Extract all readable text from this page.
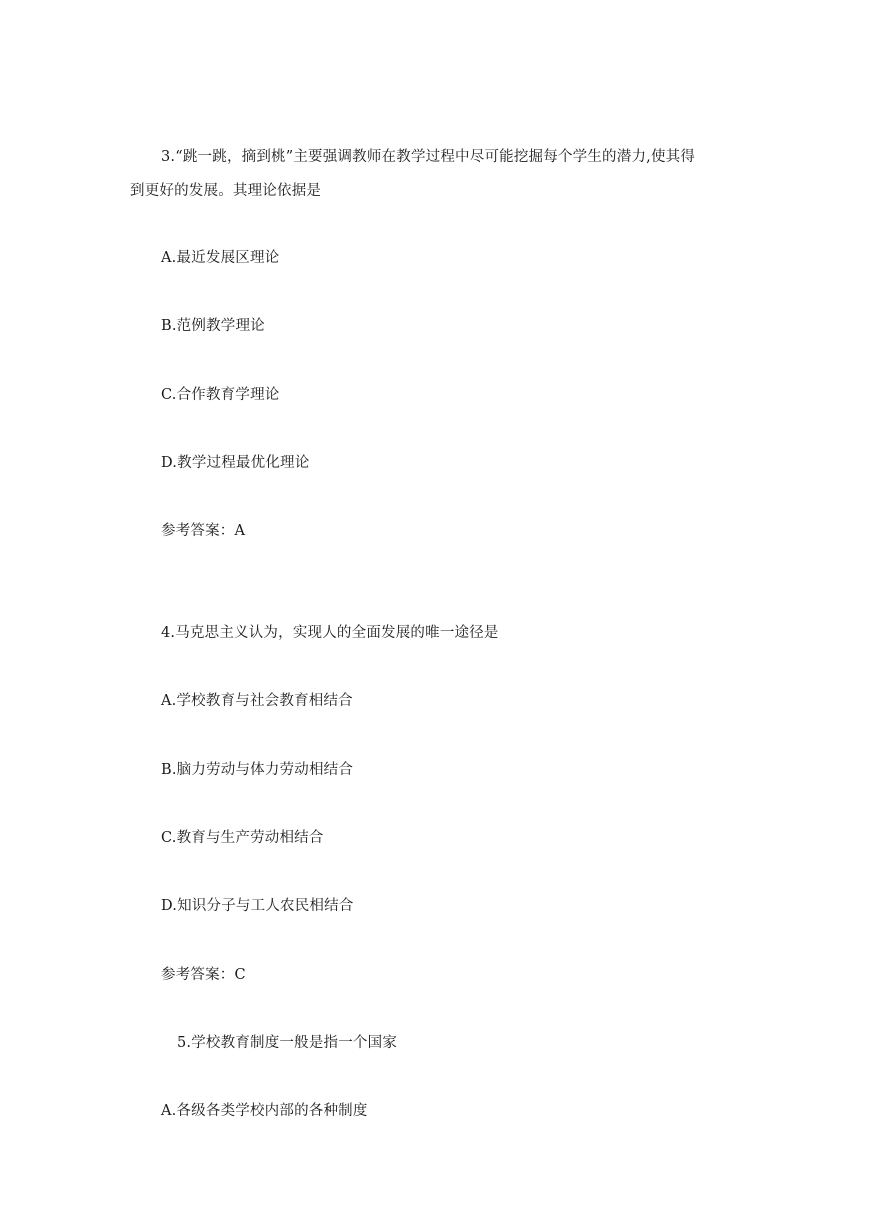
3.“跳一跳，摘到桃”主要强调教师在教学过程中尽可能挖掘每个学生的潜力,使其得
到更好的发展。其理论依据是
A.最近发展区理论
B.范例教学理论
C.合作教育学理论
D.教学过程最优化理论
参考答案：A
4.马克思主义认为，实现人的全面发展的唯一途径是
A.学校教育与社会教育相结合
B.脑力劳动与体力劳动相结合
C.教育与生产劳动相结合
D.知识分子与工人农民相结合
参考答案：C
5.学校教育制度一般是指一个国家
A.各级各类学校内部的各种制度
